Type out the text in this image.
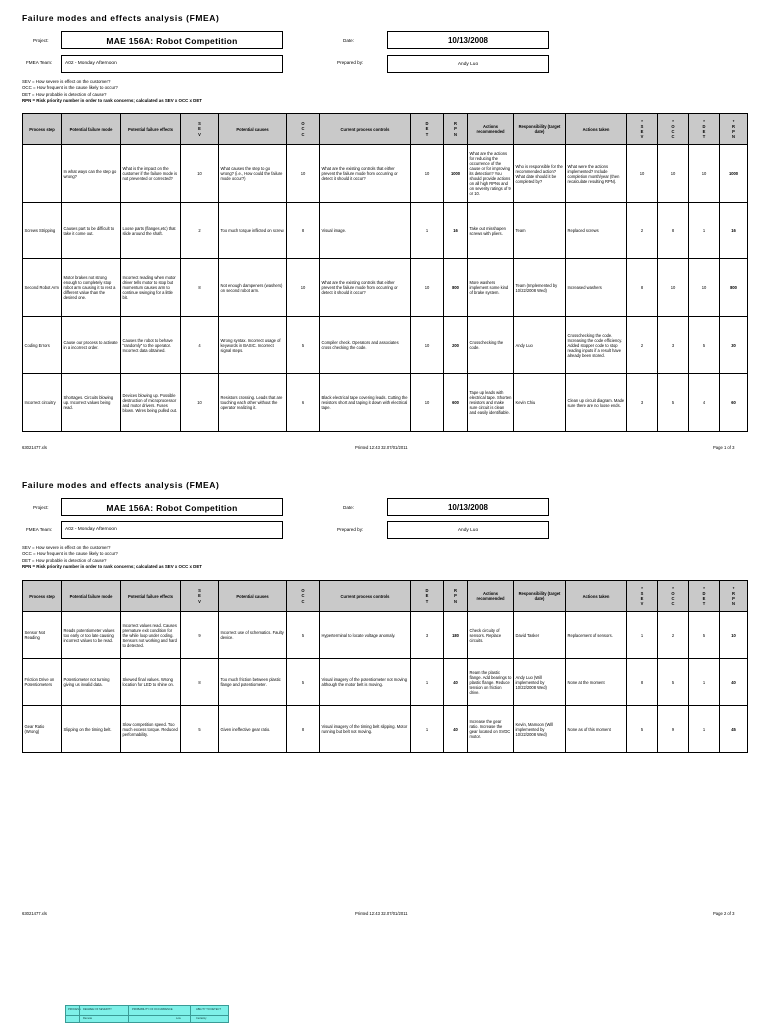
Failure modes and effects analysis (FMEA)
Project:	MAE 156A: Robot Competition	Date:	10/13/2008
FMEA Team:	A02 - Monday Afternoon	Prepared by:	Andy Luo
SEV = How severe is effect on the customer?
OCC = How frequent is the cause likely to occur?
DET = How probable is detection of cause?
RPN = Risk priority number in order to rank concerns; calculated as SEV x OCC x DET
Process step	Potential failure mode	Potential failure effects	SEV	Potential causes	OCC	Current process controls	DET	RPN	Actions recommended	Responsibility (target date)	Actions taken	*SEV	*OCC	*DET	*RPN
	In what ways can the step go wrong?	What is the impact on the customer if the failure mode is not prevented or corrected?	10	What causes the step to go wrong? (i.e., How could the failure mode occur?)	10	What are the existing controls that either prevent the failure mode from occurring or detect it should it occur?	10	1000	What are the actions for reducing the occurrence of the cause or for improving its detection? You should provide actions on all high RPNs and on severity ratings of 9 or 10.	Who is responsible for the recommended action? What date should it be completed by?	What were the actions implemented? Include completion month/year (then recalculate resulting RPN).	10	10	10	1000
Screws Stripping	Causes part to be difficult to take it come out.	Loose parts (flanges,etc) that slide around the shaft.	2	Too much torque inflicted on screw.	8	Visual image.	1	16	Take out misshapen screws with pliers.	Team	Replaced screws	2	8	1	16
Second Robot Arm	Motor brakes not strong enough to completely stop robot arm causing it to rest a different value than the desired one.	Incorrect reading when motor driver tells motor to stop but momentum causes arm to continue swinging for a little bit.	8	Not enough dampeners (washers) on second robot arm.	10	What are the existing controls that either prevent the failure mode from occurring or detect it should it occur?	10	800	More washers implement some kind of brake system.	Team (Implemented by 10/22/2008 Wed)	Increased washers	8	10	10	800
Coding Errors	Cause our process to activate in a incorrect order.	Causes the robot to behave "randomly" to the operator. Incorrect data obtained.	4	Wrong syntax. Incorrect usage of keywords in BASIC. Incorrect signal steps.	5	Compiler check. Operators and associates cross checking the code.	10	200	Crosschecking the code.	Andy Luo	Crosschecking the code. Increasing the code efficiency. Added stopper code to stop reading inputs if a result have already been stored.	2	3	5	30
Incorrect circuitry	Shortages. Circuits blowing up. Incorrect values being read.	Devices blowing up. Possible destruction of microprocessor and motor drivers. Fuses blown. Wires being pulled out.	10	Resistors crossing. Leads that are touching each other without the operator realizing it.	6	Black electrical tape covering leads. Cutting the resistors short and taping it down with electrical tape.	10	600	Tape up leads with electrical tape. Shorten resistors and make sure circuit is clean and easily identifiable.	Kevin Chiu	Clean up circuit diagram. Made sure there are no loose ends.	3	5	4	60
63021477.xls	Printed 12:43 32.07/01/2011	Page 1 of 3
Failure modes and effects analysis (FMEA)
Project:	MAE 156A: Robot Competition	Date:	10/13/2008
FMEA Team:	A02 - Monday Afternoon	Prepared by:	Andy Luo
SEV = How severe is effect on the customer?
OCC = How frequent is the cause likely to occur?
DET = How probable is detection of cause?
RPN = Risk priority number in order to rank concerns; calculated as SEV x OCC x DET
Process step	Potential failure mode	Potential failure effects	SEV	Potential causes	OCC	Current process controls	DET	RPN	Actions recommended	Responsibility (target date)	Actions taken	*SEV	*OCC	*DET	*RPN
Sensor Not Reading	Reads potentiometer values too early or too late causing incorrect values to be read.	Incorrect values read. Causes premature exit condition for the while loop under coding. Sensors not working and hard to detected.	9	Incorrect use of schematics. Faulty device.	5	Hyperterminal to locate voltage anomaly.	3	180	Check circuity of sensors. Replace circuits.	David Tasker	Replacement of sensors.	1	2	5	10
Friction Drive on Potentiometers	Potentiometer not turning giving us invalid data.	Skewed final values. Wrong location for LED to shine on.	8	Too much friction between plastic flange and potentiometer.	5	Visual imagery of the potentiometer not moving although the motor belt is moving.	1	40	Ream the plastic flange. Add bearings to plastic flange. Reduce tension on friction drive.	Andy Luo (Will implemented by 10/22/2008 Wed)	None at the moment	8	5	1	40
Gear Ratio (Wrong)	Slipping on the timing belt.	Slow competition speed. Too much excess torque. Reduced performability.	5	Given ineffective gear ratio.	8	Visual imagery of the timing belt slipping. Motor running but belt not moving.	1	40	Increase the gear ratio. Increase the gear located on SVDC motor.	Kevin, Mamoon (Will implemented by 10/22/2008 Wed)	None as of this moment	5	9	1	45
63021477.xls	Printed 12:43 32.07/01/2011	Page 2 of 3
PROCESS DEGREE OF SEVERITY	PROBABILITY OF OCCURRENCE	ABILITY TO DETECT
Remote	Low	Certainty
